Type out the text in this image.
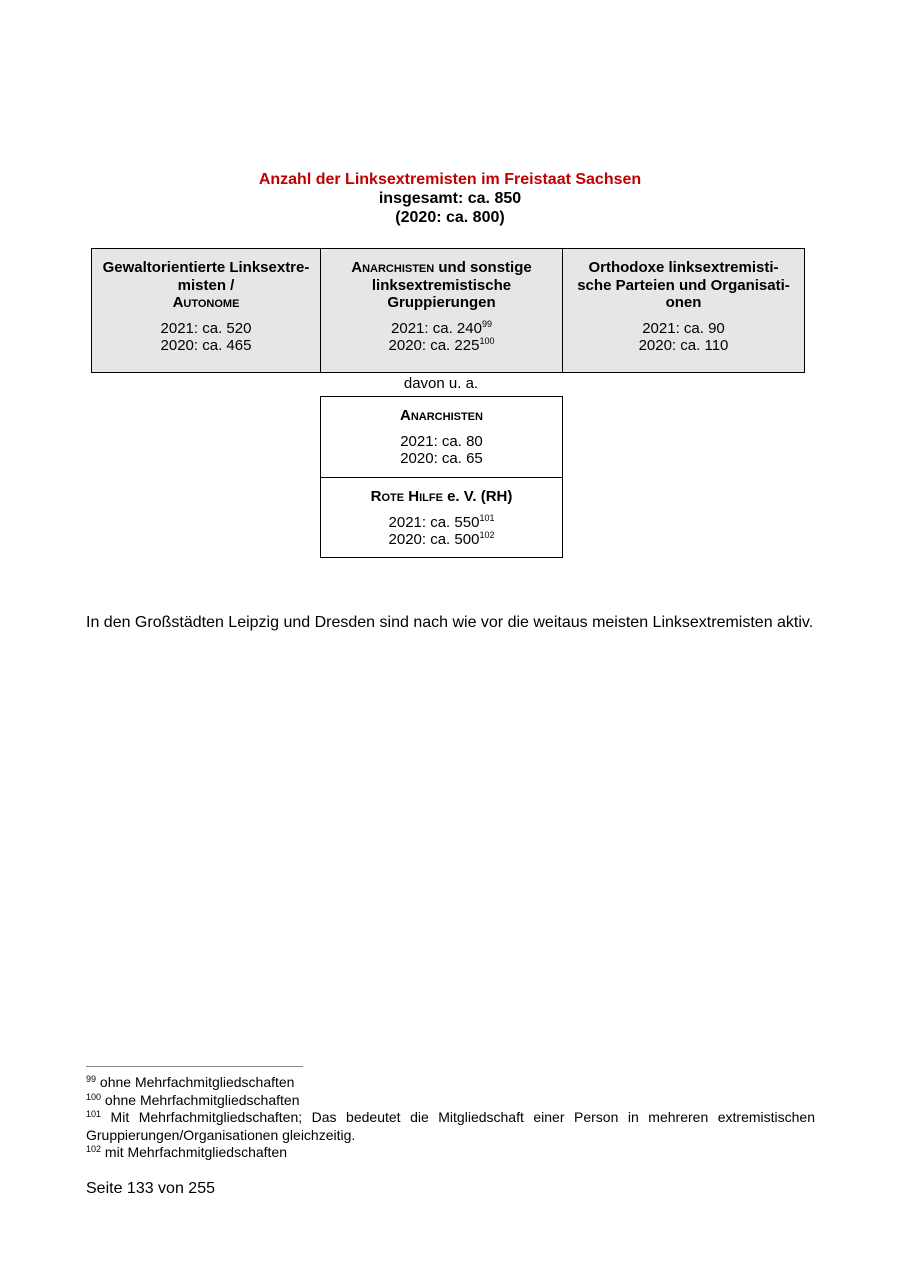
Anzahl der Linksextremisten im Freistaat Sachsen
insgesamt: ca. 850
(2020: ca. 800)
Gewaltorientierte Linksextre-
misten /
Autonome
2021: ca. 520
2020: ca. 465
Anarchisten und sonstige
linksextremistische
Gruppierungen
2021: ca. $240^{99}$
2020: ca. $225^{100}$
Orthodoxe linksextremisti-
sche Parteien und Organisati-
onen
2021: ca. 90
2020: ca. 110
davon u. a.
Anarchisten
2021: ca. 80
2020: ca. 65
Rote Hilfe e. V. (RH)
2021: ca. $550^{101}$
2020: ca. $500^{102}$
In den Großstädten Leipzig und Dresden sind nach wie vor die weitaus meisten Linksextremisten aktiv.
$^{99}$ ohne Mehrfachmitgliedschaften
$^{100}$ ohne Mehrfachmitgliedschaften
$^{101}$ Mit Mehrfachmitgliedschaften; Das bedeutet die Mitgliedschaft einer Person in mehreren extremistischen Gruppierungen/Organisationen gleichzeitig.
$^{102}$ mit Mehrfachmitgliedschaften
Seite 133 von 255
